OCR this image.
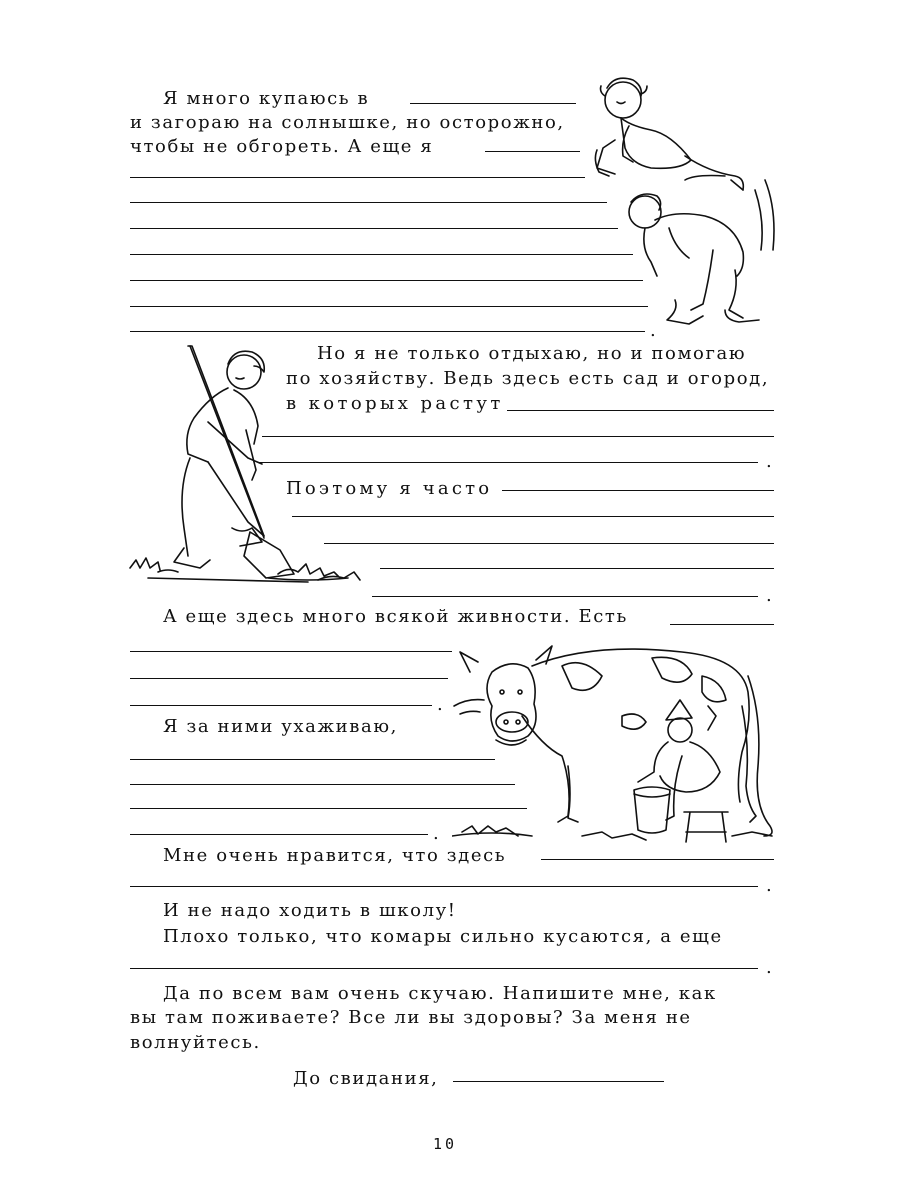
Я много купаюсь в
и загораю на солнышке, но осторожно,
чтобы не обгореть. А еще я
.
Но я не только отдыхаю, но и помогаю
по хозяйству. Ведь здесь есть сад и огород,
в которых растут
.
Поэтому я часто
.
А еще здесь много всякой живности. Есть
.
Я за ними ухаживаю,
.
Мне очень нравится, что здесь
.
И не надо ходить в школу!
Плохо только, что комары сильно кусаются, а еще
.
Да по всем вам очень скучаю. Напишите мне, как
вы там поживаете? Все ли вы здоровы? За меня не
волнуйтесь.
До свидания,
10
